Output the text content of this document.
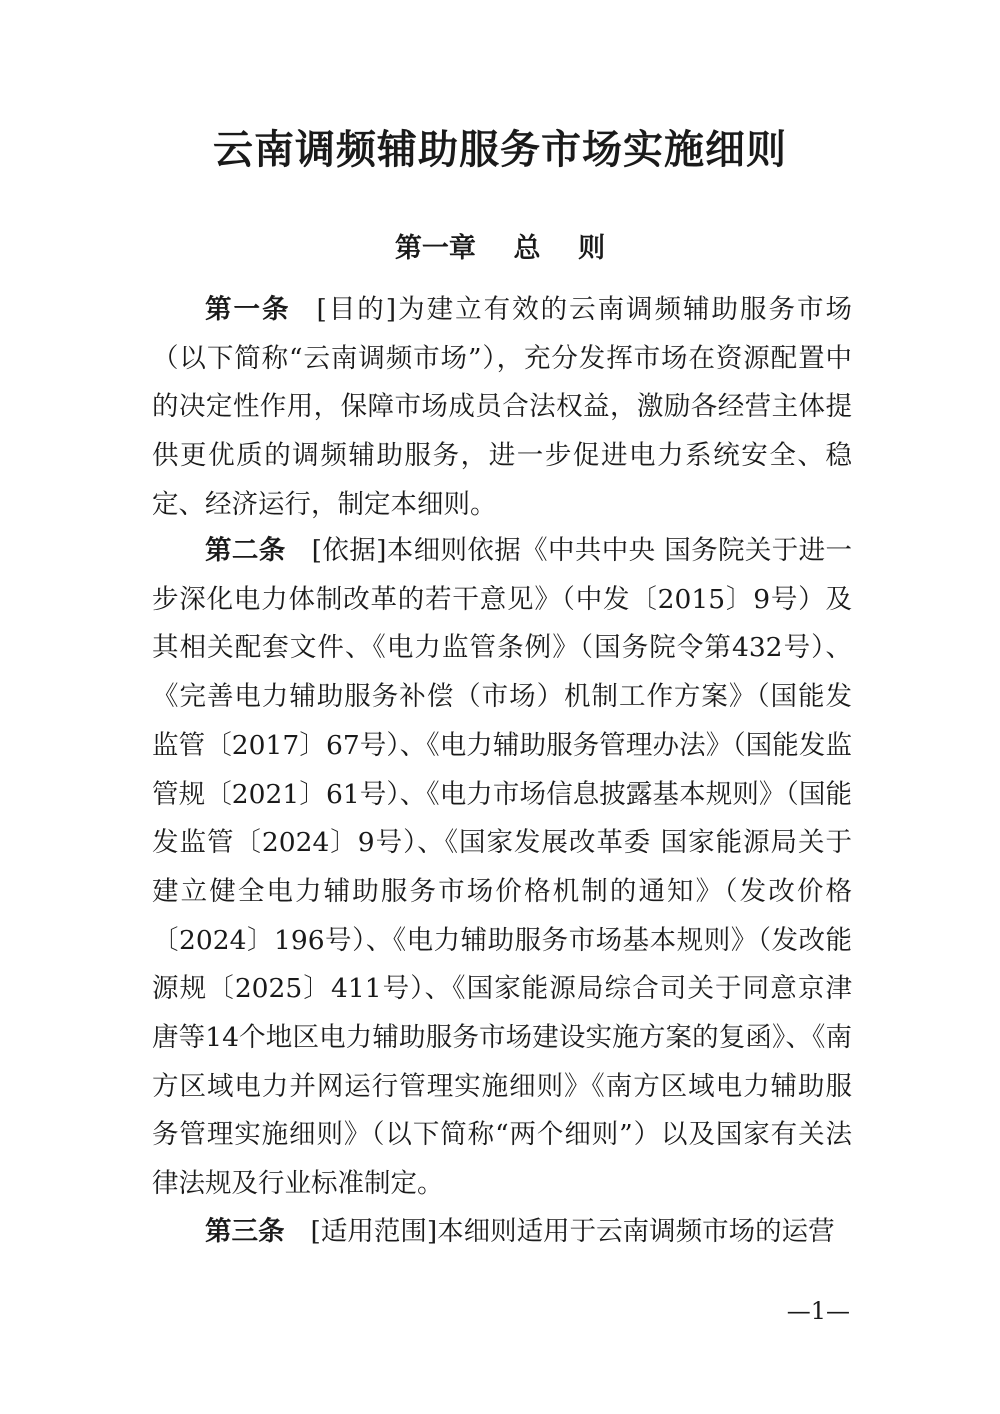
云南调频辅助服务市场实施细则
第一章    总    则

第一条 [目的]为建立有效的云南调频辅助服务市场（以下简称“云南调频市场”），充分发挥市场在资源配置中的决定性作用，保障市场成员合法权益，激励各经营主体提供更优质的调频辅助服务，进一步促进电力系统安全、稳定、经济运行，制定本细则。

第二条 [依据]本细则依据《中共中央 国务院关于进一步深化电力体制改革的若干意见》（中发〔2015〕9号）及其相关配套文件、《电力监管条例》（国务院令第432号）、《完善电力辅助服务补偿（市场）机制工作方案》（国能发监管〔2017〕67号）、《电力辅助服务管理办法》（国能发监管规〔2021〕61号）、《电力市场信息披露基本规则》（国能发监管〔2024〕9号）、《国家发展改革委 国家能源局关于建立健全电力辅助服务市场价格机制的通知》（发改价格〔2024〕196号）、《电力辅助服务市场基本规则》（发改能源规〔2025〕411号）、《国家能源局综合司关于同意京津唐等14个地区电力辅助服务市场建设实施方案的复函》、《南方区域电力并网运行管理实施细则》《南方区域电力辅助服务管理实施细则》（以下简称“两个细则”）以及国家有关法律法规及行业标准制定。

第三条 [适用范围]本细则适用于云南调频市场的运营

—1—
